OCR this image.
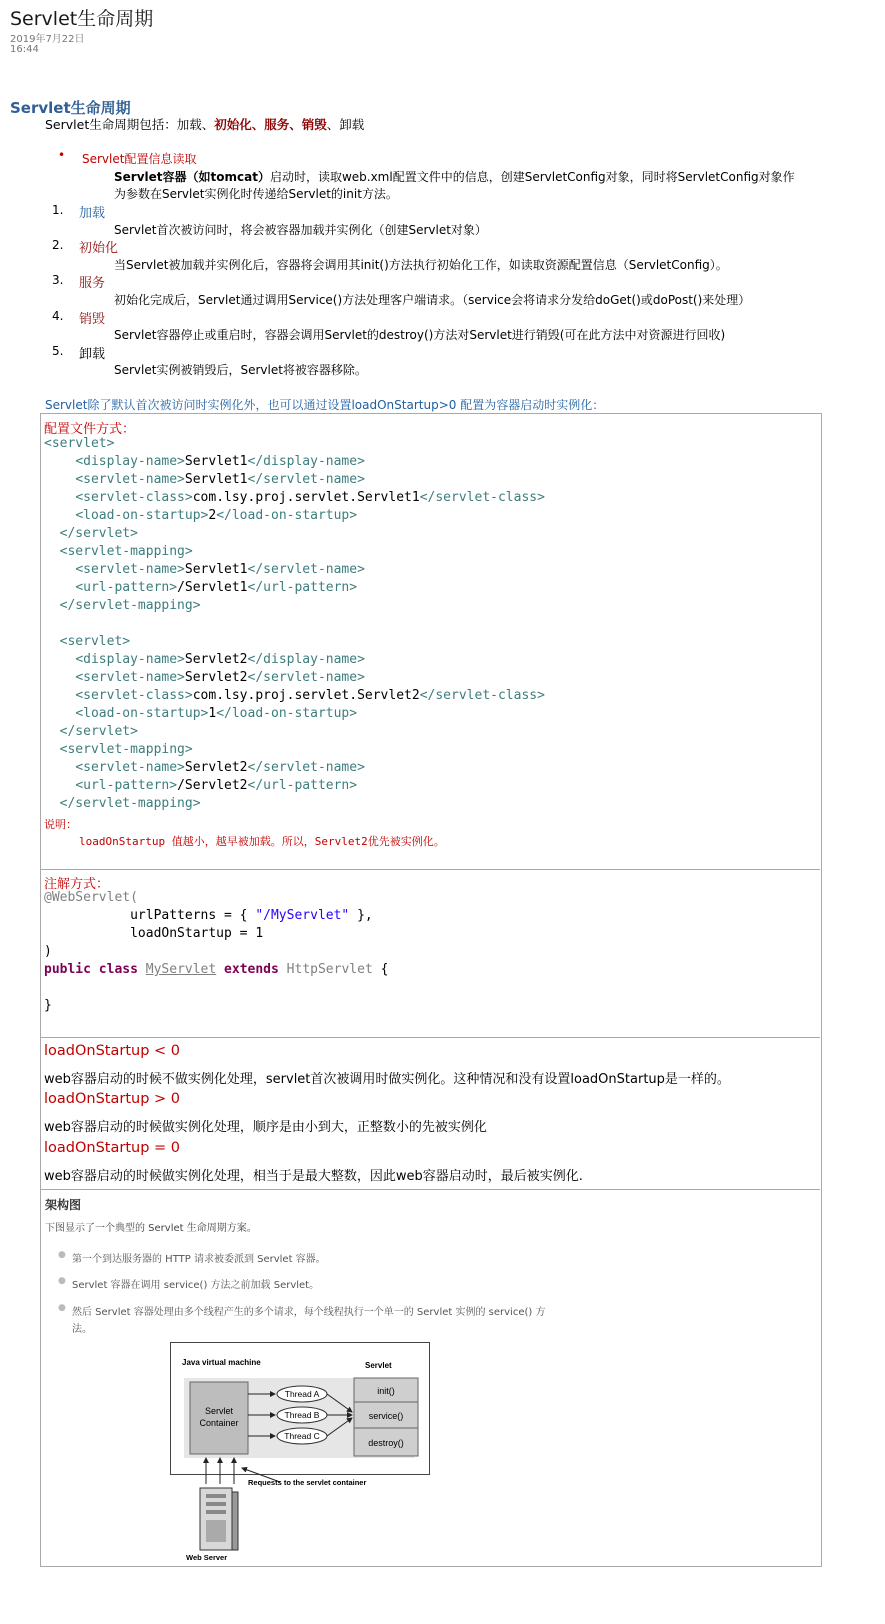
Servlet生命周期
2019年7月22日
16:44
Servlet生命周期
Servlet生命周期包括：加载、初始化、服务、销毁、卸载
• Servlet配置信息读取
Servlet容器（如tomcat）启动时，读取web.xml配置文件中的信息，创建ServletConfig对象，同时将ServletConfig对象作
为参数在Servlet实例化时传递给Servlet的init方法。
1. 加载
Servlet首次被访问时，将会被容器加载并实例化（创建Servlet对象）
2. 初始化
当Servlet被加载并实例化后，容器将会调用其init()方法执行初始化工作，如读取资源配置信息（ServletConfig）。
3. 服务
初始化完成后，Servlet通过调用Service()方法处理客户端请求。（service会将请求分发给doGet()或doPost()来处理）
4. 销毁
Servlet容器停止或重启时，容器会调用Servlet的destroy()方法对Servlet进行销毁(可在此方法中对资源进行回收)
5. 卸载
Servlet实例被销毁后，Servlet将被容器移除。
Servlet除了默认首次被访问时实例化外，也可以通过设置loadOnStartup>0 配置为容器启动时实例化：
配置文件方式：
<servlet>
<display-name>Servlet1</display-name>
<servlet-name>Servlet1</servlet-name>
<servlet-class>com.lsy.proj.servlet.Servlet1</servlet-class>
<load-on-startup>2</load-on-startup>
</servlet>
<servlet-mapping>
<servlet-name>Servlet1</servlet-name>
<url-pattern>/Servlet1</url-pattern>
</servlet-mapping>

<servlet>
<display-name>Servlet2</display-name>
<servlet-name>Servlet2</servlet-name>
<servlet-class>com.lsy.proj.servlet.Servlet2</servlet-class>
<load-on-startup>1</load-on-startup>
</servlet>
<servlet-mapping>
<servlet-name>Servlet2</servlet-name>
<url-pattern>/Servlet2</url-pattern>
</servlet-mapping>
说明：
loadOnStartup 值越小，越早被加载。所以，Servlet2优先被实例化。
注解方式：
@WebServlet(
urlPatterns = { "/MyServlet" },
loadOnStartup = 1
)
public class MyServlet extends HttpServlet {

}
loadOnStartup < 0
web容器启动的时候不做实例化处理，servlet首次被调用时做实例化。这种情况和没有设置loadOnStartup是一样的。
loadOnStartup > 0
web容器启动的时候做实例化处理，顺序是由小到大，正整数小的先被实例化
loadOnStartup = 0
web容器启动的时候做实例化处理，相当于是最大整数，因此web容器启动时，最后被实例化.
架构图
下图显示了一个典型的 Servlet 生命周期方案。
● 第一个到达服务器的 HTTP 请求被委派到 Servlet 容器。
● Servlet 容器在调用 service() 方法之前加载 Servlet。
● 然后 Servlet 容器处理由多个线程产生的多个请求，每个线程执行一个单一的 Servlet 实例的 service() 方
法。
Java virtual machine	Servlet
Servlet
Container
init()
service()
destroy()
Thread A
Thread B
Thread C
Requests to the servlet container
Web Server
